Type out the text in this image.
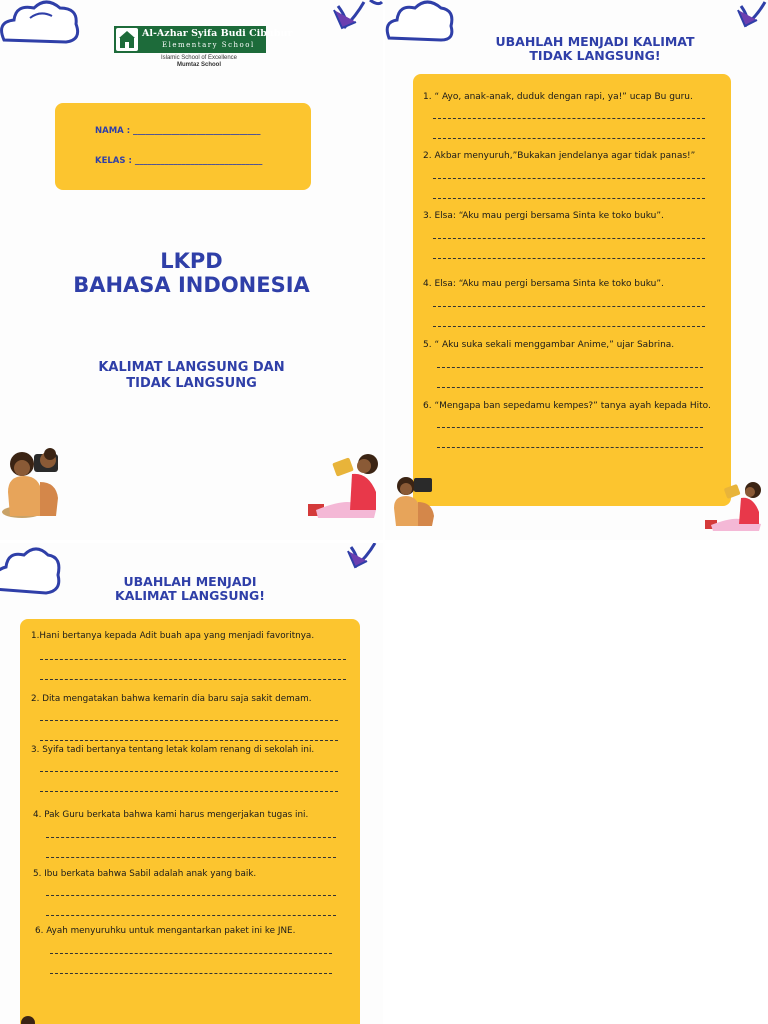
Al-Azhar Syifa Budi Cibubur
Elementary School
Islamic School of Excellence
Mumtaz School
NAMA : ______________________________
KELAS : ______________________________
LKPD
BAHASA INDONESIA
KALIMAT LANGSUNG DAN
TIDAK LANGSUNG
UBAHLAH MENJADI KALIMAT
TIDAK LANGSUNG!
1. “ Ayo, anak-anak, duduk dengan rapi, ya!” ucap Bu guru.
2. Akbar menyuruh,”Bukakan jendelanya agar tidak panas!”
3. Elsa: “Aku mau pergi bersama Sinta ke toko buku”.
4. Elsa: “Aku mau pergi bersama Sinta ke toko buku”.
5. “ Aku suka sekali menggambar Anime,” ujar Sabrina.
6. “Mengapa ban sepedamu kempes?” tanya ayah kepada Hito.
UBAHLAH MENJADI
KALIMAT LANGSUNG!
1.Hani bertanya kepada Adit buah apa yang menjadi favoritnya.
2. Dita mengatakan bahwa kemarin dia baru saja sakit demam.
3. Syifa tadi bertanya tentang letak kolam renang di sekolah ini.
4. Pak Guru berkata bahwa kami harus mengerjakan tugas ini.
5. Ibu berkata bahwa Sabil adalah anak yang baik.
6. Ayah menyuruhku untuk mengantarkan paket ini ke JNE.
